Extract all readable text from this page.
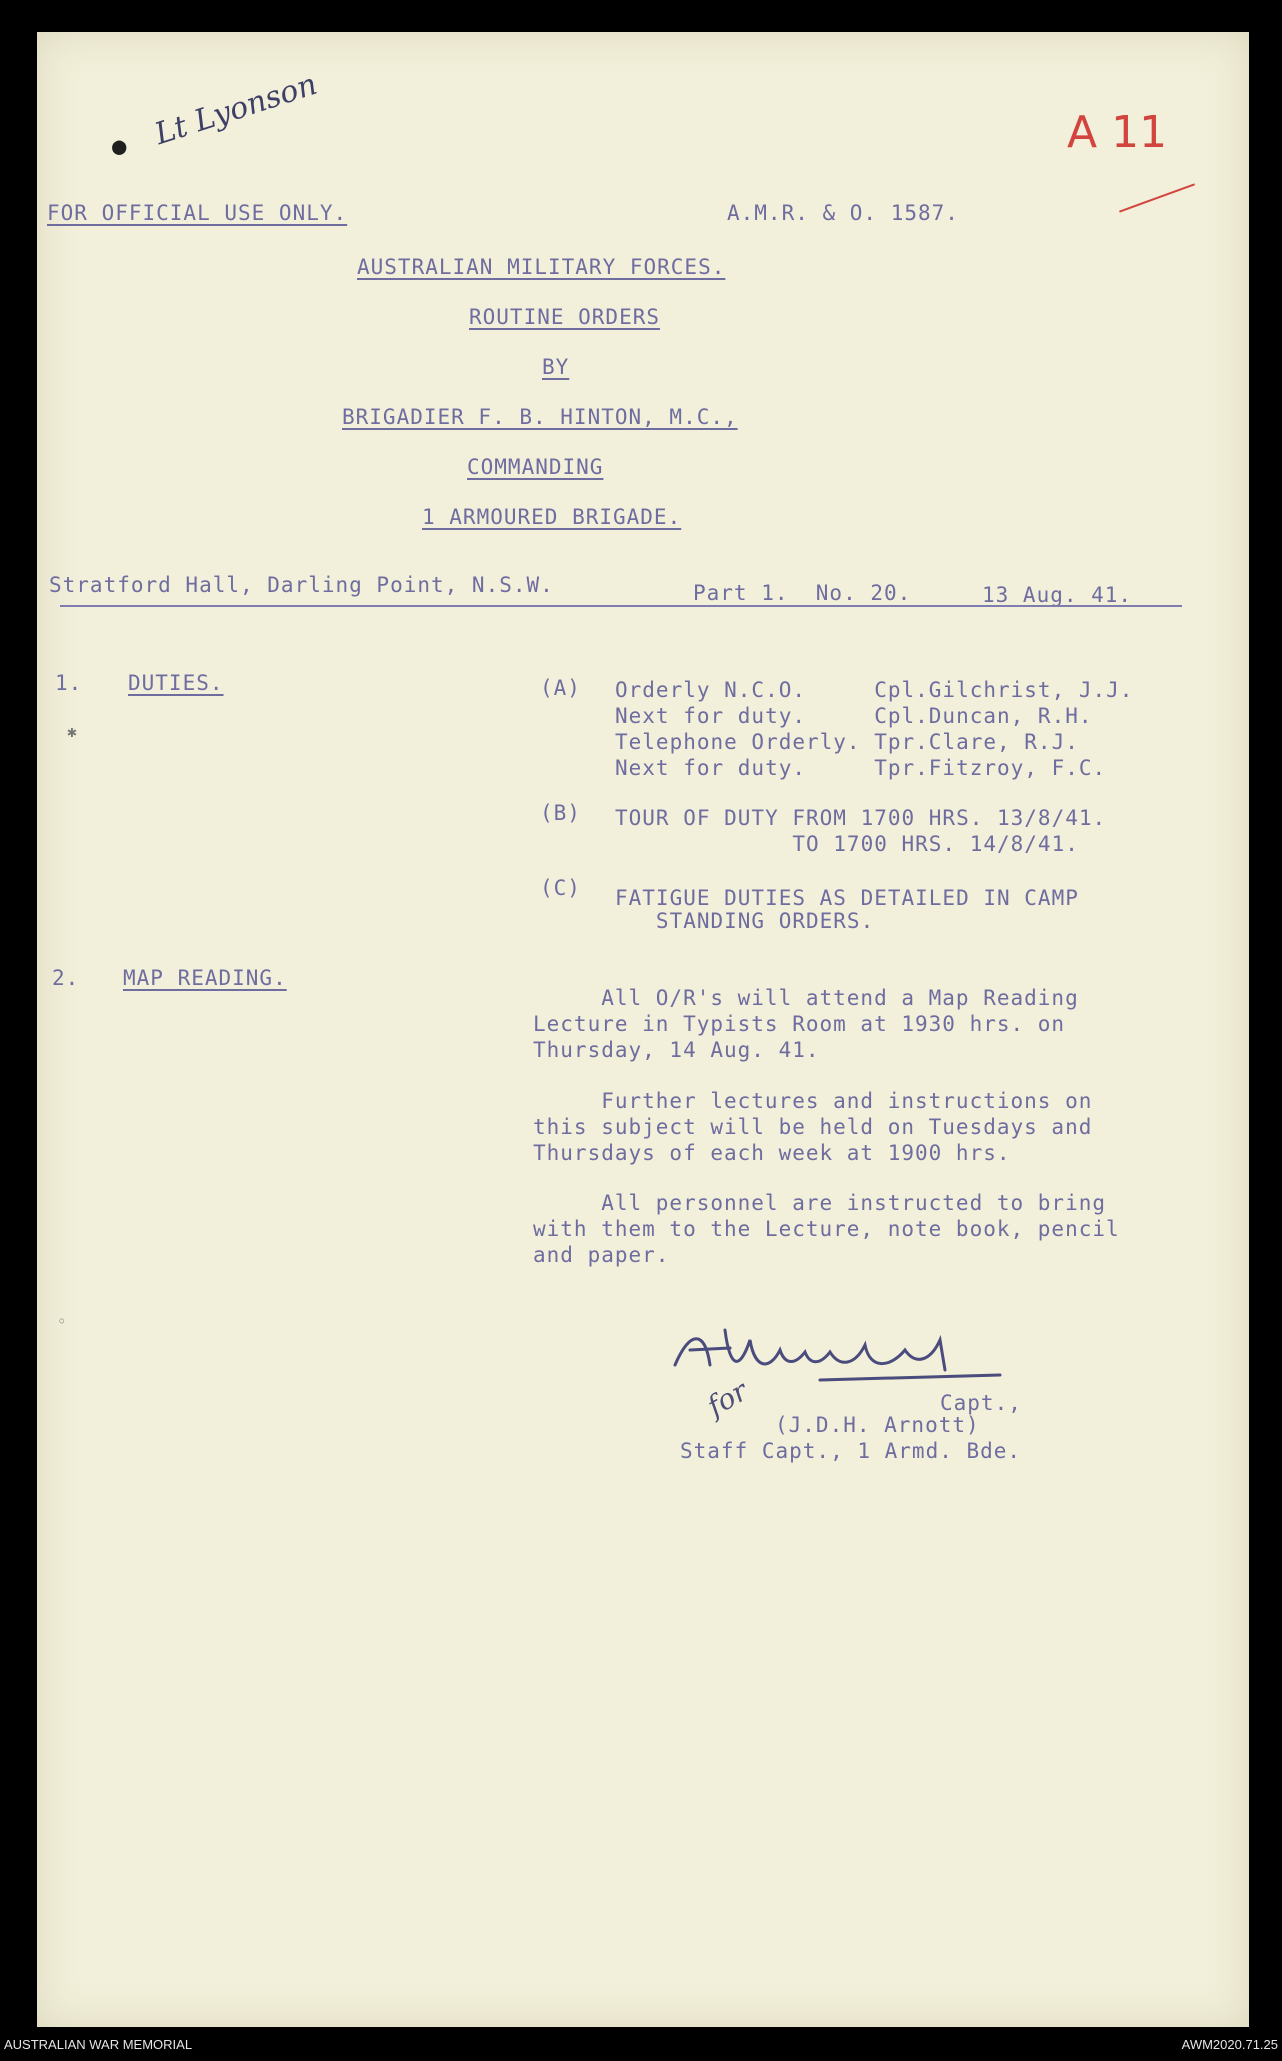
Lt Lyonson	A 11
●
✱
◦
FOR OFFICIAL USE ONLY.	A.M.R. & O. 1587.
AUSTRALIAN MILITARY FORCES.
ROUTINE ORDERS
BY
BRIGADIER F. B. HINTON, M.C.,
COMMANDING
1 ARMOURED BRIGADE.
Stratford Hall, Darling Point, N.S.W.	Part 1.  No. 20.	13 Aug. 41.
1. DUTIES.	(A) Orderly N.C.O.     Cpl.Gilchrist, J.J.
Next for duty.     Cpl.Duncan, R.H.
Telephone Orderly. Tpr.Clare, R.J.
Next for duty.     Tpr.Fitzroy, F.C.
(B) TOUR OF DUTY FROM 1700 HRS. 13/8/41.
TO 1700 HRS. 14/8/41.
(C) FATIGUE DUTIES AS DETAILED IN CAMP
STANDING ORDERS.
2. MAP READING.
All O/R's will attend a Map Reading
Lecture in Typists Room at 1930 hrs. on
Thursday, 14 Aug. 41.
Further lectures and instructions on
this subject will be held on Tuesdays and
Thursdays of each week at 1900 hrs.
All personnel are instructed to bring
with them to the Lecture, note book, pencil
and paper.
for	Capt.,
(J.D.H. Arnott)
Staff Capt., 1 Armd. Bde.
AUSTRALIAN WAR MEMORIAL	AWM2020.71.25
